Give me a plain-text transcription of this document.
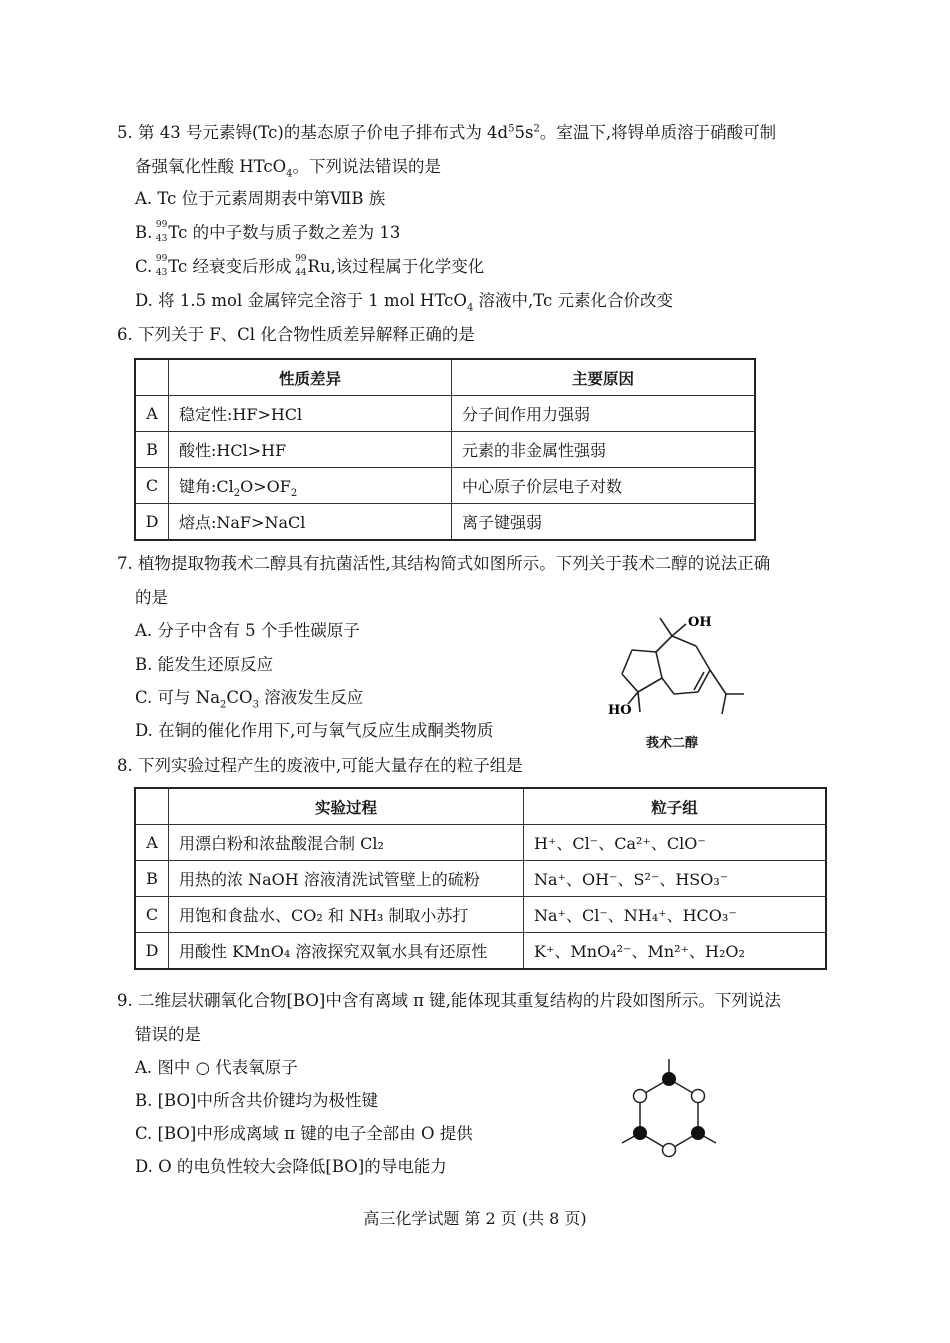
5. 第 43 号元素锝(Tc)的基态原子价电子排布式为 $4d^55s^2$。室温下,将锝单质溶于硝酸可制
备强氧化性酸 HTcO$_4$。下列说法错误的是
A. Tc 位于元素周期表中第ⅦB 族
B. 99
43 Tc 的中子数与质子数之差为 13
C. 99
43 Tc 经衰变后形成 99
44 Ru,该过程属于化学变化
D. 将 1.5 mol 金属锌完全溶于 1 mol HTcO$_4$ 溶液中,Tc 元素化合价改变
6. 下列关于 F、Cl 化合物性质差异解释正确的是
	性质差异	主要原因
A	稳定性:HF>HCl	分子间作用力强弱
B	酸性:HCl>HF	元素的非金属性强弱
C	键角$:Cl_2O>OF_2$	中心原子价层电子对数
D	熔点:NaF>NaCl	离子键强弱
7. 植物提取物莪术二醇具有抗菌活性,其结构简式如图所示。下列关于莪术二醇的说法正确
的是
A. 分子中含有 5 个手性碳原子
B. 能发生还原反应
C. 可与 $Na_2CO_3$ 溶液发生反应
D. 在铜的催化作用下,可与氧气反应生成酮类物质
OH
HO
莪术二醇
8. 下列实验过程产生的废液中,可能大量存在的粒子组是
	实验过程	粒子组
A	用漂白粉和浓盐酸混合制 Cl₂	H⁺、Cl⁻、Ca²⁺、ClO⁻
B	用热的浓 NaOH 溶液清洗试管壁上的硫粉	Na⁺、OH⁻、S²⁻、HSO₃⁻
C	用饱和食盐水、CO₂ 和 NH₃ 制取小苏打	Na⁺、Cl⁻、NH₄⁺、HCO₃⁻
D	用酸性 KMnO₄ 溶液探究双氧水具有还原性	K⁺、MnO₄²⁻、Mn²⁺、H₂O₂
9. 二维层状硼氧化合物[BO]中含有离域 π 键,能体现其重复结构的片段如图所示。下列说法
错误的是
A. 图中 ○ 代表氧原子
B. [BO]中所含共价键均为极性键
C. [BO]中形成离域 π 键的电子全部由 O 提供
D. O 的电负性较大会降低[BO]的导电能力
高三化学试题 第 2 页 (共 8 页)
